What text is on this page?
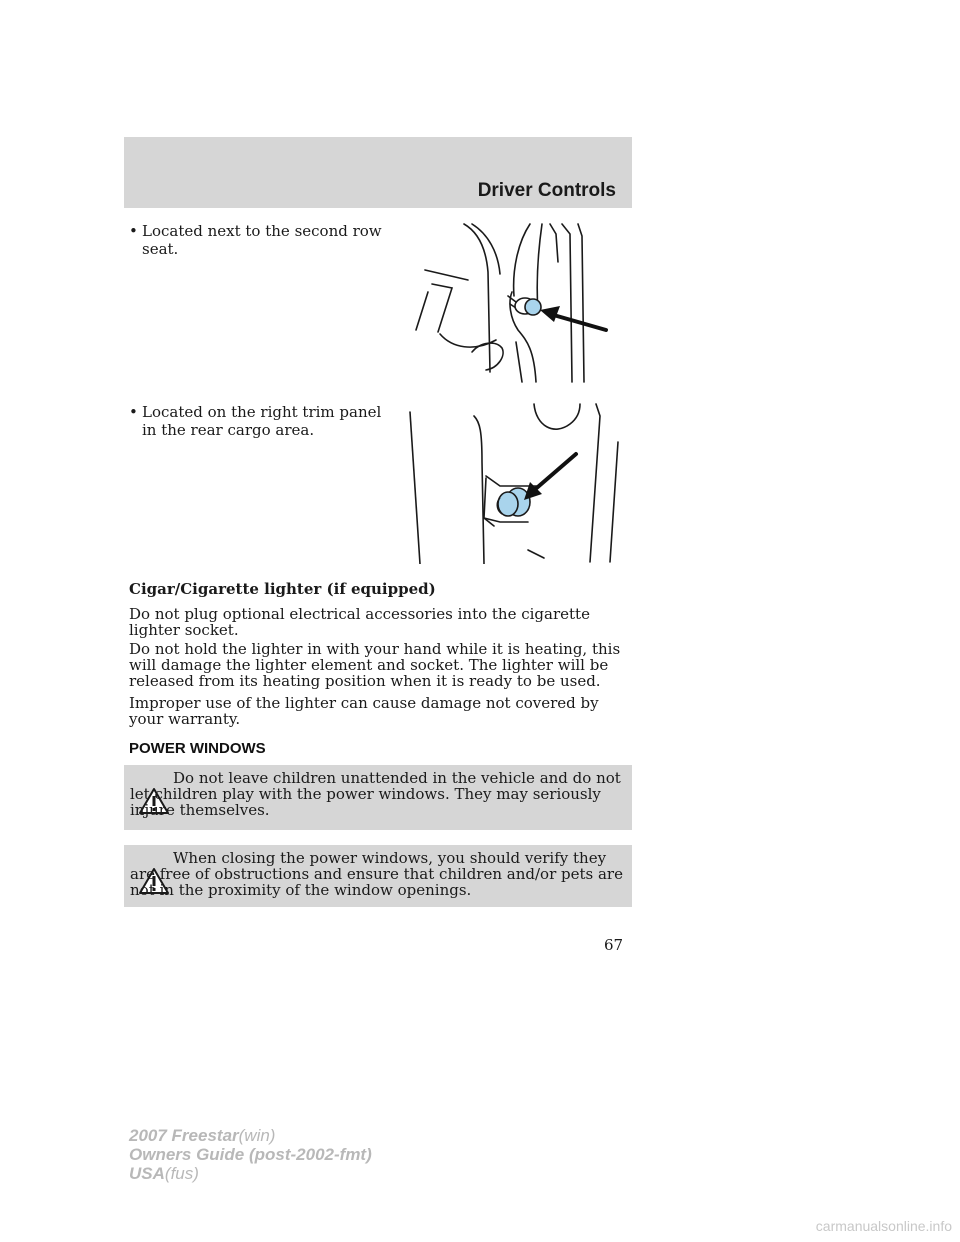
Driver Controls
• Located next to the second row seat.
• Located on the right trim panel in the rear cargo area.

Cigar/Cigarette lighter (if equipped)

Do not plug optional electrical accessories into the cigarette lighter socket.

Do not hold the lighter in with your hand while it is heating, this will damage the lighter element and socket. The lighter will be released from its heating position when it is ready to be used.

Improper use of the lighter can cause damage not covered by your warranty.

POWER WINDOWS

Do not leave children unattended in the vehicle and do not let children play with the power windows. They may seriously injure themselves.

When closing the power windows, you should verify they are free of obstructions and ensure that children and/or pets are not in the proximity of the window openings.

67
2007 Freestar(win)
Owners Guide (post-2002-fmt)
USA(fus)

carmanualsonline.info
